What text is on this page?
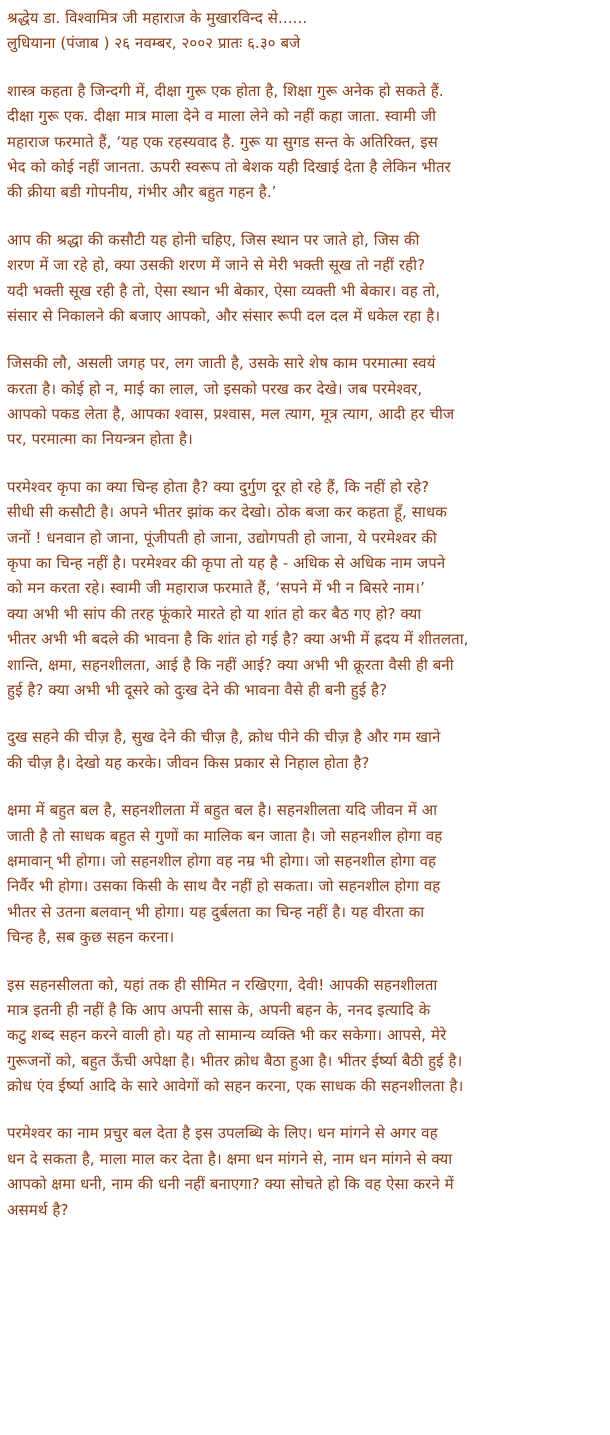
श्रद्धेय डा. विश्वामित्र जी महाराज के मुखारविन्द से......
लुधियाना (पंजाब ) २६ नवम्बर, २००२ प्रातः ६.३० बजे
शास्त्र कहता है जिन्दगी में, दीक्षा गुरू एक होता है, शिक्षा गुरू अनेक हो सकते हैं.
दीक्षा गुरू एक. दीक्षा मात्र माला देने व माला लेने को नहीं कहा जाता. स्वामी जी
महाराज फरमाते हैं, ‘यह एक रहस्यवाद है. गुरू या सुगड सन्त के अतिरिक्त, इस
भेद को कोई नहीं जानता. ऊपरी स्वरूप तो बेशक यही दिखाई देता है लेकिन भीतर
की क्रीया बडी गोपनीय, गंभीर और बहुत गहन है.’
आप की श्रद्धा की कसौटी यह होनी चहिए, जिस स्थान पर जाते हो, जिस की
शरण में जा रहे हो, क्या उसकी शरण में जाने से मेरी भक्ती सूख तो नहीं रही?
यदी भक्ती सूख रही है तो, ऐसा स्थान भी बेकार, ऐसा व्यक्ती भी बेकार। वह तो,
संसार से निकालने की बजाए आपको, और संसार रूपी दल दल में धकेल रहा है।
जिसकी लौ, असली जगह पर, लग जाती है, उसके सारे शेष काम परमात्मा स्वयं
करता है। कोई हो न, माई का लाल, जो इसको परख कर देखे। जब परमेश्वर,
आपको पकड लेता है, आपका श्वास, प्रश्वास, मल त्याग, मूत्र त्याग, आदी हर चीज
पर, परमात्मा का नियन्त्रन होता है।
परमेश्वर कृपा का क्या चिन्ह होता है? क्या दुर्गुण दूर हो रहे हैं, कि नहीं हो रहे?
सीधी सी कसौटी है। अपने भीतर झांक कर देखो। ठोक बजा कर कहता हूँ, साधक
जनों ! धनवान हो जाना, पूंजीपती हो जाना, उद्योगपती हो जाना, ये परमेश्वर की
कृपा का चिन्ह नहीं है। परमेश्वर की कृपा तो यह है - अधिक से अधिक नाम जपने
को मन करता रहे। स्वामी जी महाराज फरमाते हैं, ‘सपने में भी न बिसरे नाम।’
क्या अभी भी सांप की तरह फूंकारे मारते हो या शांत हो कर बैठ गए हो? क्या
भीतर अभी भी बदले की भावना है कि शांत हो गई है? क्या अभी में ह्रदय में शीतलता,
शान्ति, क्षमा, सहनशीलता, आई है कि नहीं आई? क्या अभी भी क्रूरता वैसी ही बनी
हुई है? क्या अभी भी दूसरे को दुःख देने की भावना वैसे ही बनी हुई है?
दुख सहने की चीज़ है, सुख देने की चीज़ है, क्रोध पीने की चीज़ है और गम खाने
की चीज़ है। देखो यह करके। जीवन किस प्रकार से निहाल होता है?
क्षमा में बहुत बल है, सहनशीलता में बहुत बल है। सहनशीलता यदि जीवन में आ
जाती है तो साधक बहुत से गुणों का मालिक बन जाता है। जो सहनशील होगा वह
क्षमावान् भी होगा। जो सहनशील होगा वह नम्र भी होगा। जो सहनशील होगा वह
निर्वैर भी होगा। उसका किसी के साथ वैर नहीं हो सकता। जो सहनशील होगा वह
भीतर से उतना बलवान् भी होगा। यह दुर्बलता का चिन्ह नहीं है। यह वीरता का
चिन्ह है, सब कुछ सहन करना।
इस सहनसीलता को, यहां तक ही सीमित न रखिएगा, देवी! आपकी सहनशीलता
मात्र इतनी ही नहीं है कि आप अपनी सास के, अपनी बहन के, ननद इत्यादि के
कटु शब्द सहन करने वाली हो। यह तो सामान्य व्यक्ति भी कर सकेगा। आपसे, मेरे
गुरूजनों को, बहुत ऊँची अपेक्षा है। भीतर क्रोध बैठा हुआ है। भीतर ईर्ष्या बैठी हुई है।
क्रोध एंव ईर्ष्या आदि के सारे आवेगों को सहन करना, एक साधक की सहनशीलता है।
परमेश्वर का नाम प्रचुर बल देता है इस उपलब्धि के लिए। धन मांगने से अगर वह
धन दे सकता है, माला माल कर देता है। क्षमा धन मांगने से, नाम धन मांगने से क्या
आपको क्षमा धनी, नाम की धनी नहीं बनाएगा? क्या सोचते हो कि वह ऐसा करने में
असमर्थ है?
